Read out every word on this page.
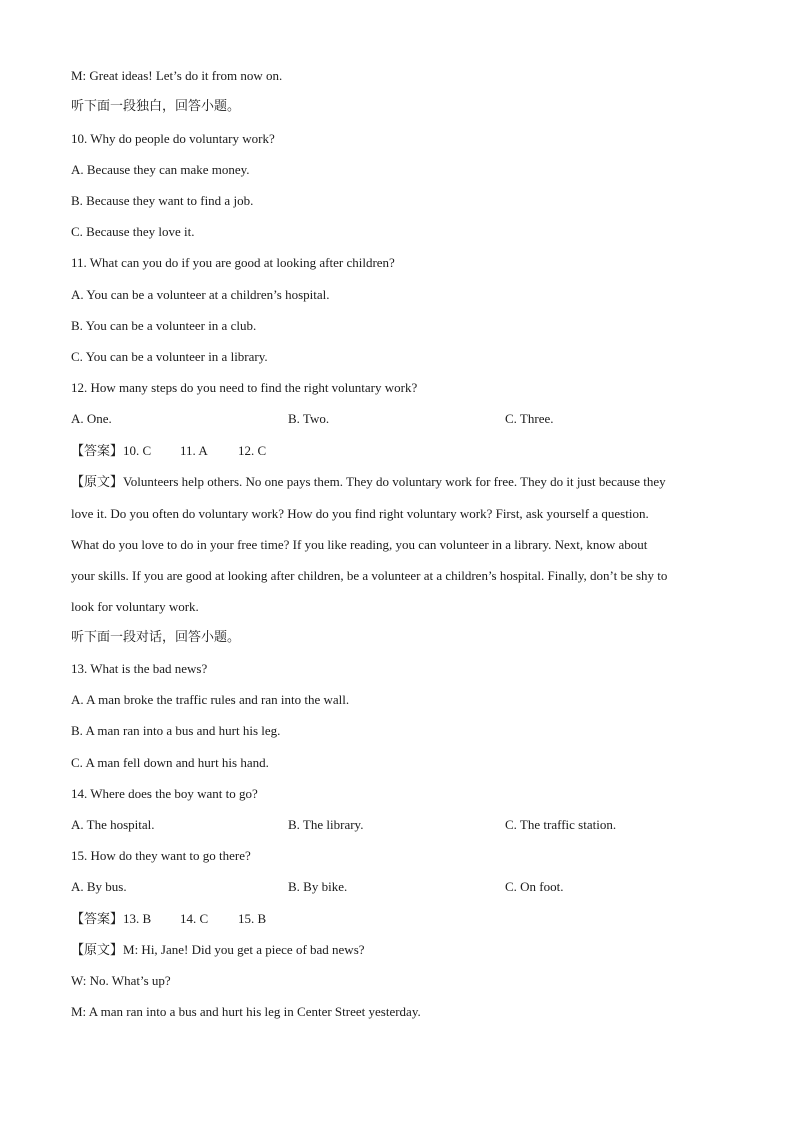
M: Great ideas! Let’s do it from now on.
听下面一段独白，回答小题。
10. Why do people do voluntary work?
A. Because they can make money.
B. Because they want to find a job.
C. Because they love it.
11. What can you do if you are good at looking after children?
A. You can be a volunteer at a children’s hospital.
B. You can be a volunteer in a club.
C. You can be a volunteer in a library.
12. How many steps do you need to find the right voluntary work?
A. One.	B. Two.	C. Three.
【答案】10. C 11. A 12. C
【原文】Volunteers help others. No one pays them. They do voluntary work for free. They do it just because they
love it. Do you often do voluntary work? How do you find right voluntary work? First, ask yourself a question.
What do you love to do in your free time? If you like reading, you can volunteer in a library. Next, know about
your skills. If you are good at looking after children, be a volunteer at a children’s hospital. Finally, don’t be shy to
look for voluntary work.
听下面一段对话，回答小题。
13. What is the bad news?
A. A man broke the traffic rules and ran into the wall.
B. A man ran into a bus and hurt his leg.
C. A man fell down and hurt his hand.
14. Where does the boy want to go?
A. The hospital.	B. The library.	C. The traffic station.
15. How do they want to go there?
A. By bus.	B. By bike.	C. On foot.
【答案】13. B 14. C 15. B
【原文】M: Hi, Jane! Did you get a piece of bad news?
W: No. What’s up?
M: A man ran into a bus and hurt his leg in Center Street yesterday.
